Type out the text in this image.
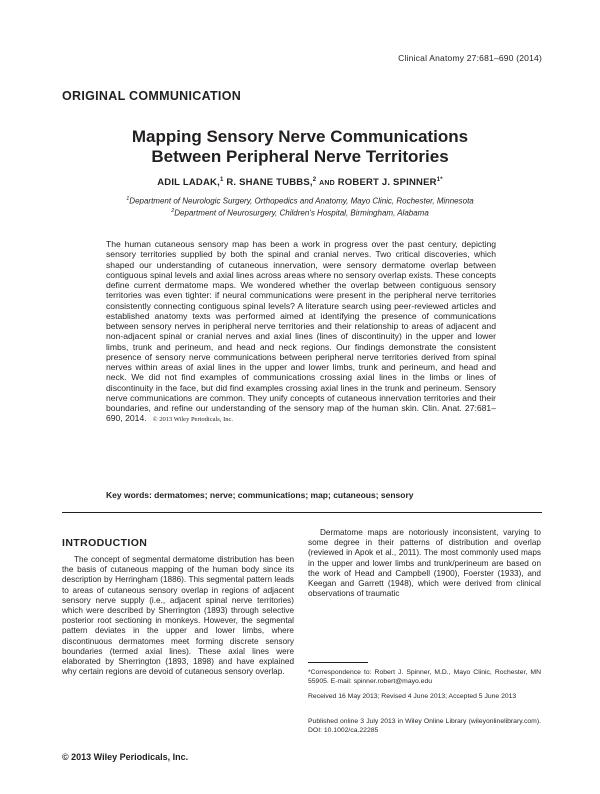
Clinical Anatomy 27:681–690 (2014)
ORIGINAL COMMUNICATION
Mapping Sensory Nerve Communications
Between Peripheral Nerve Territories
ADIL LADAK,$^1$ R. SHANE TUBBS,$^2$ AND ROBERT J. $SPINNER^{1*}$
$^1$Department of Neurologic Surgery, Orthopedics and Anatomy, Mayo Clinic, Rochester, Minnesota
$^2$Department of Neurosurgery, Children's Hospital, Birmingham, Alabama
The human cutaneous sensory map has been a work in progress over the past century, depicting sensory territories supplied by both the spinal and cranial nerves. Two critical discoveries, which shaped our understanding of cutaneous innervation, were sensory dermatome overlap between contiguous spinal levels and axial lines across areas where no sensory overlap exists. These concepts define current dermatome maps. We wondered whether the overlap between contiguous sensory territories was even tighter: if neural communications were present in the peripheral nerve territories consistently connecting contiguous spinal levels? A literature search using peer-reviewed articles and established anatomy texts was performed aimed at identifying the presence of communications between sensory nerves in peripheral nerve territories and their relationship to areas of adjacent and non-adjacent spinal or cranial nerves and axial lines (lines of discontinuity) in the upper and lower limbs, trunk and perineum, and head and neck regions. Our findings demonstrate the consistent presence of sensory nerve communications between peripheral nerve territories derived from spinal nerves within areas of axial lines in the upper and lower limbs, trunk and perineum, and head and neck. We did not find examples of communications crossing axial lines in the limbs or lines of discontinuity in the face, but did find examples crossing axial lines in the trunk and perineum. Sensory nerve communications are common. They unify concepts of cutaneous innervation territories and their boundaries, and refine our understanding of the sensory map of the human skin. Clin. Anat. 27:681–690, 2014. © 2013 Wiley Periodicals, Inc.
Key words: dermatomes; nerve; communications; map; cutaneous; sensory
INTRODUCTION

The concept of segmental dermatome distribution has been the basis of cutaneous mapping of the human body since its description by Herringham (1886). This segmental pattern leads to areas of cutaneous sensory overlap in regions of adjacent sensory nerve supply (i.e., adjacent spinal nerve territories) which were described by Sherrington (1893) through selective posterior root sectioning in monkeys. However, the segmental pattern deviates in the upper and lower limbs, where discontinuous dermatomes meet forming discrete sensory boundaries (termed axial lines). These axial lines were elaborated by Sherrington (1893, 1898) and have explained why certain regions are devoid of cutaneous sensory overlap.

Dermatome maps are notoriously inconsistent, varying to some degree in their patterns of distribution and overlap (reviewed in Apok et al., 2011). The most commonly used maps in the upper and lower limbs and trunk/perineum are based on the work of Head and Campbell (1900), Foerster (1933), and Keegan and Garrett (1948), which were derived from clinical observations of traumatic

*Correspondence to: Robert J. Spinner, M.D., Mayo Clinic, Rochester, MN 55905. E-mail: spinner.robert@mayo.edu
Received 16 May 2013; Revised 4 June 2013; Accepted 5 June 2013
Published online 3 July 2013 in Wiley Online Library (wileyonlinelibrary.com). DOI: 10.1002/ca.22285
© 2013 Wiley Periodicals, Inc.
